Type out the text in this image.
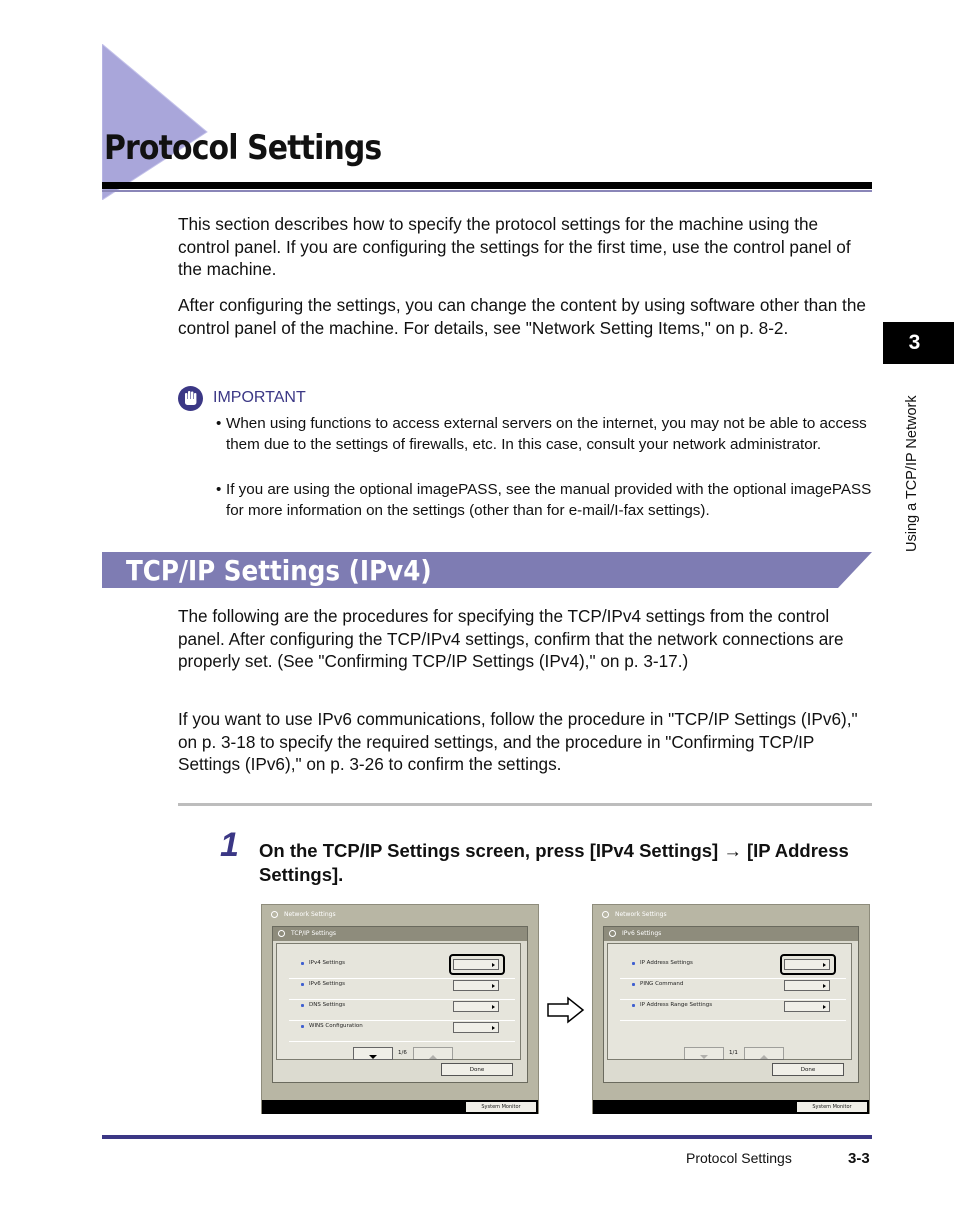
Protocol Settings

This section describes how to specify the protocol settings for the machine using the control panel. If you are configuring the settings for the first time, use the control panel of the machine.

After configuring the settings, you can change the content by using software other than the control panel of the machine. For details, see "Network Setting Items," on p. 8-2.

IMPORTANT
• When using functions to access external servers on the internet, you may not be able to access them due to the settings of firewalls, etc. In this case, consult your network administrator.
• If you are using the optional imagePASS, see the manual provided with the optional imagePASS for more information on the settings (other than for e-mail/I-fax settings).
TCP/IP Settings (IPv4)

The following are the procedures for specifying the TCP/IPv4 settings from the control panel. After configuring the TCP/IPv4 settings, confirm that the network connections are properly set. (See "Confirming TCP/IP Settings (IPv4)," on p. 3-17.)

If you want to use IPv6 communications, follow the procedure in "TCP/IP Settings (IPv6)," on p. 3-18 to specify the required settings, and the procedure in "Confirming TCP/IP Settings (IPv6)," on p. 3-26 to confirm the settings.

1 On the TCP/IP Settings screen, press [IPv4 Settings] → [IP Address Settings].
Network Settings
TCP/IP Settings
IPv4 Settings
IPv6 Settings
DNS Settings
WINS Configuration
1/6
Done
System Monitor
Network Settings
IPv6 Settings
IP Address Settings
PING Command
IP Address Range Settings
1/1
Done
System Monitor
Protocol Settings	3-3
3
Using a TCP/IP Network
